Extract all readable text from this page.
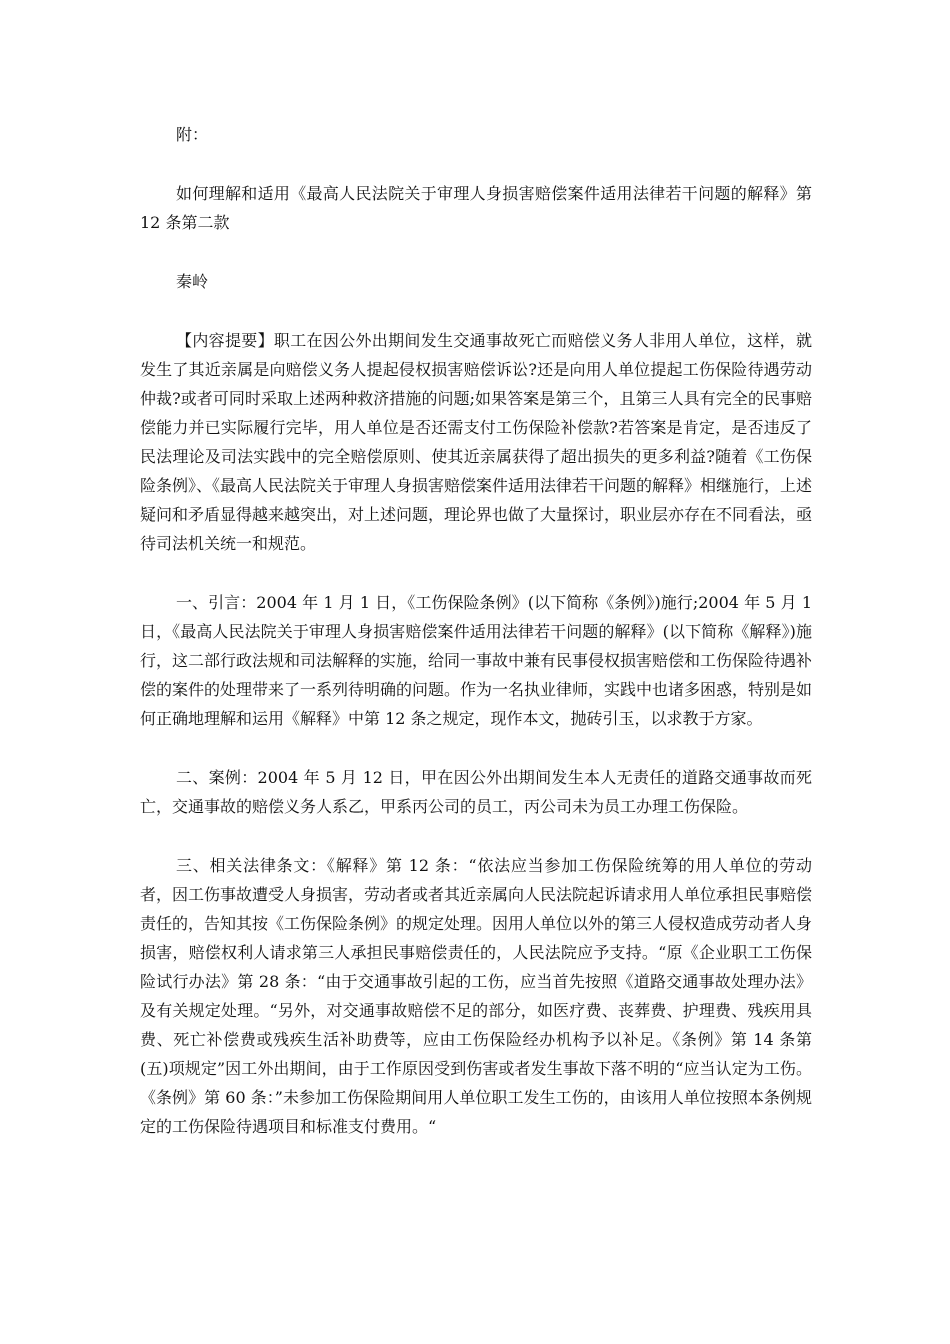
附：

如何理解和适用《最高人民法院关于审理人身损害赔偿案件适用法律若干问题的解释》第 12 条第二款

秦岭

【内容提要】职工在因公外出期间发生交通事故死亡而赔偿义务人非用人单位，这样，就发生了其近亲属是向赔偿义务人提起侵权损害赔偿诉讼?还是向用人单位提起工伤保险待遇劳动仲裁?或者可同时采取上述两种救济措施的问题;如果答案是第三个，且第三人具有完全的民事赔偿能力并已实际履行完毕，用人单位是否还需支付工伤保险补偿款?若答案是肯定，是否违反了民法理论及司法实践中的完全赔偿原则、使其近亲属获得了超出损失的更多利益?随着《工伤保险条例》、《最高人民法院关于审理人身损害赔偿案件适用法律若干问题的解释》相继施行，上述疑问和矛盾显得越来越突出，对上述问题，理论界也做了大量探讨，职业层亦存在不同看法，亟待司法机关统一和规范。

一、引言：2004 年 1 月 1 日，《工伤保险条例》(以下简称《条例》)施行;2004 年 5 月 1 日，《最高人民法院关于审理人身损害赔偿案件适用法律若干问题的解释》(以下简称《解释》)施行，这二部行政法规和司法解释的实施，给同一事故中兼有民事侵权损害赔偿和工伤保险待遇补偿的案件的处理带来了一系列待明确的问题。作为一名执业律师，实践中也诸多困惑，特别是如何正确地理解和运用《解释》中第 12 条之规定，现作本文，抛砖引玉，以求教于方家。

二、案例：2004 年 5 月 12 日，甲在因公外出期间发生本人无责任的道路交通事故而死亡，交通事故的赔偿义务人系乙，甲系丙公司的员工，丙公司未为员工办理工伤保险。

三、相关法律条文：《解释》第 12 条：“依法应当参加工伤保险统筹的用人单位的劳动者，因工伤事故遭受人身损害，劳动者或者其近亲属向人民法院起诉请求用人单位承担民事赔偿责任的，告知其按《工伤保险条例》的规定处理。因用人单位以外的第三人侵权造成劳动者人身损害，赔偿权利人请求第三人承担民事赔偿责任的，人民法院应予支持。“原《企业职工工伤保险试行办法》第 28 条：“由于交通事故引起的工伤，应当首先按照《道路交通事故处理办法》及有关规定处理。“另外，对交通事故赔偿不足的部分，如医疗费、丧葬费、护理费、残疾用具费、死亡补偿费或残疾生活补助费等，应由工伤保险经办机构予以补足。《条例》第 14 条第(五)项规定”因工外出期间，由于工作原因受到伤害或者发生事故下落不明的“应当认定为工伤。《条例》第 60 条：”未参加工伤保险期间用人单位职工发生工伤的，由该用人单位按照本条例规定的工伤保险待遇项目和标准支付费用。“
